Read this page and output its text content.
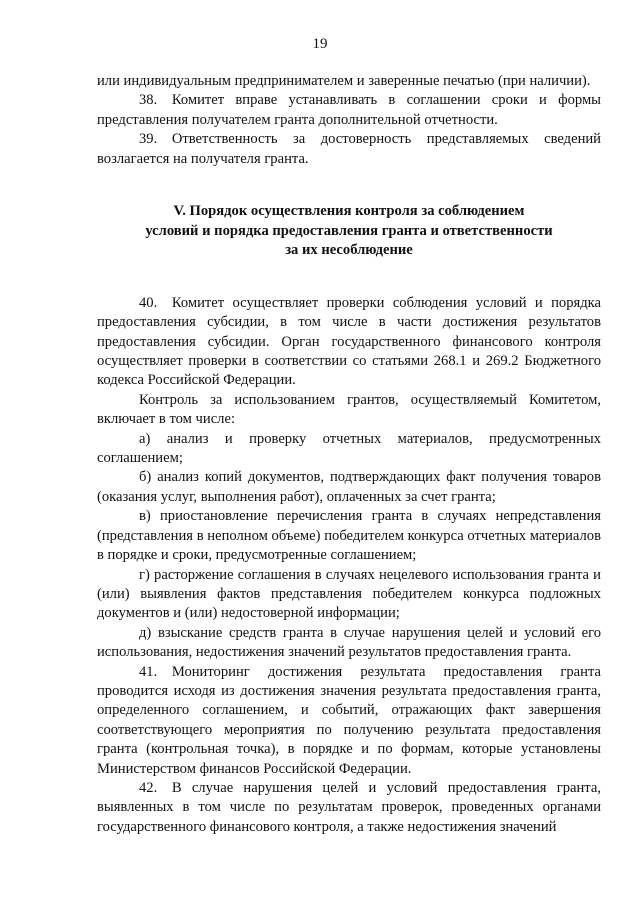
19

или индивидуальным предпринимателем и заверенные печатью (при наличии).

38. Комитет вправе устанавливать в соглашении сроки и формы представления получателем гранта дополнительной отчетности.

39. Ответственность за достоверность представляемых сведений возлагается на получателя гранта.

V. Порядок осуществления контроля за соблюдением
условий и порядка предоставления гранта и ответственности
за их несоблюдение

40. Комитет осуществляет проверки соблюдения условий и порядка предоставления субсидии, в том числе в части достижения результатов предоставления субсидии. Орган государственного финансового контроля осуществляет проверки в соответствии со статьями 268.1 и 269.2 Бюджетного кодекса Российской Федерации.

Контроль за использованием грантов, осуществляемый Комитетом, включает в том числе:

а) анализ и проверку отчетных материалов, предусмотренных соглашением;

б) анализ копий документов, подтверждающих факт получения товаров (оказания услуг, выполнения работ), оплаченных за счет гранта;

в) приостановление перечисления гранта в случаях непредставления (представления в неполном объеме) победителем конкурса отчетных материалов в порядке и сроки, предусмотренные соглашением;

г) расторжение соглашения в случаях нецелевого использования гранта и (или) выявления фактов представления победителем конкурса подложных документов и (или) недостоверной информации;

д) взыскание средств гранта в случае нарушения целей и условий его использования, недостижения значений результатов предоставления гранта.

41. Мониторинг достижения результата предоставления гранта проводится исходя из достижения значения результата предоставления гранта, определенного соглашением, и событий, отражающих факт завершения соответствующего мероприятия по получению результата предоставления гранта (контрольная точка), в порядке и по формам, которые установлены Министерством финансов Российской Федерации.

42. В случае нарушения целей и условий предоставления гранта, выявленных в том числе по результатам проверок, проведенных органами государственного финансового контроля, а также недостижения значений
